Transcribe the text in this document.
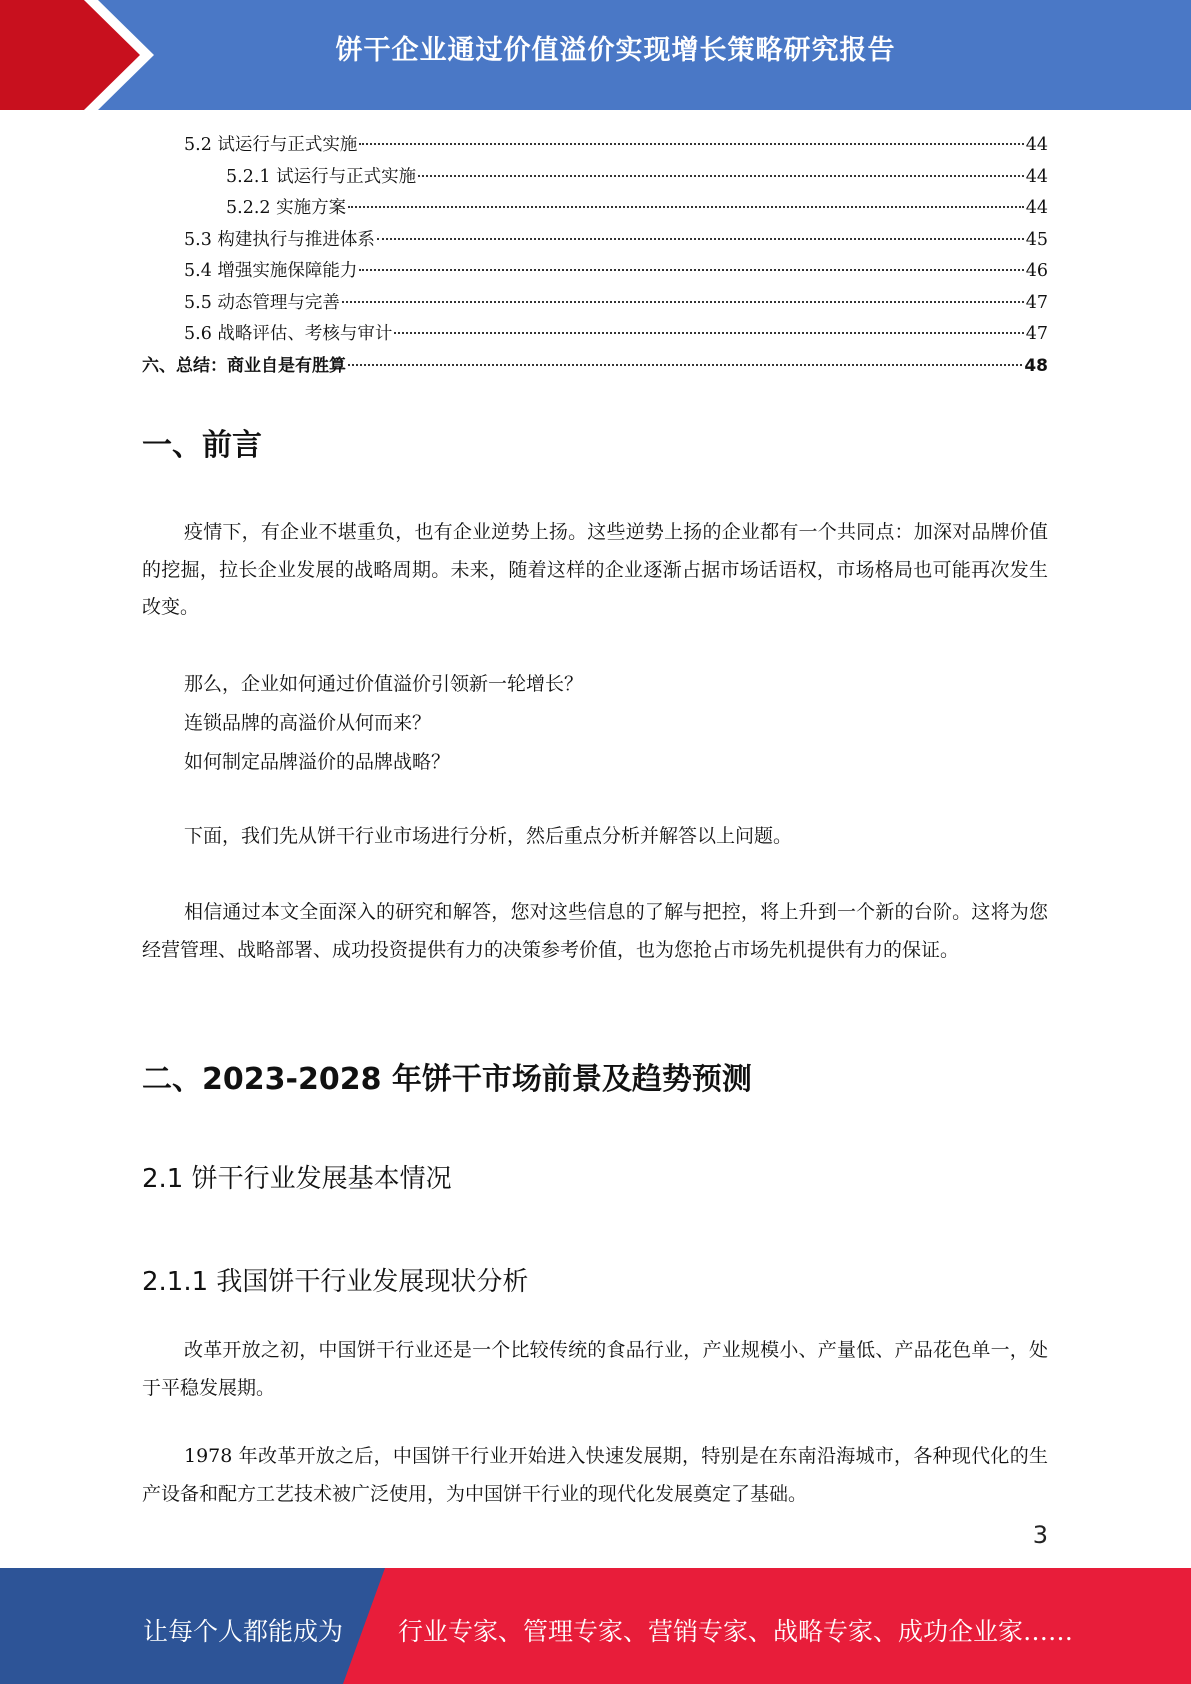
饼干企业通过价值溢价实现增长策略研究报告
5.2 试运行与正式实施	44
5.2.1 试运行与正式实施	44
5.2.2 实施方案	44
5.3 构建执行与推进体系	45
5.4 增强实施保障能力	46
5.5 动态管理与完善	47
5.6 战略评估、考核与审计	47
六、总结：商业自是有胜算	48
一、前言

疫情下，有企业不堪重负，也有企业逆势上扬。这些逆势上扬的企业都有一个共同点：加深对品牌价值的挖掘，拉长企业发展的战略周期。未来，随着这样的企业逐渐占据市场话语权，市场格局也可能再次发生改变。

那么，企业如何通过价值溢价引领新一轮增长？

连锁品牌的高溢价从何而来？

如何制定品牌溢价的品牌战略？

下面，我们先从饼干行业市场进行分析，然后重点分析并解答以上问题。

相信通过本文全面深入的研究和解答，您对这些信息的了解与把控，将上升到一个新的台阶。这将为您经营管理、战略部署、成功投资提供有力的决策参考价值，也为您抢占市场先机提供有力的保证。

二、2023-2028 年饼干市场前景及趋势预测
2.1 饼干行业发展基本情况
2.1.1 我国饼干行业发展现状分析

改革开放之初，中国饼干行业还是一个比较传统的食品行业，产业规模小、产量低、产品花色单一，处于平稳发展期。

1978 年改革开放之后，中国饼干行业开始进入快速发展期，特别是在东南沿海城市，各种现代化的生产设备和配方工艺技术被广泛使用，为中国饼干行业的现代化发展奠定了基础。

3
让每个人都能成为 行业专家、管理专家、营销专家、战略专家、成功企业家……
